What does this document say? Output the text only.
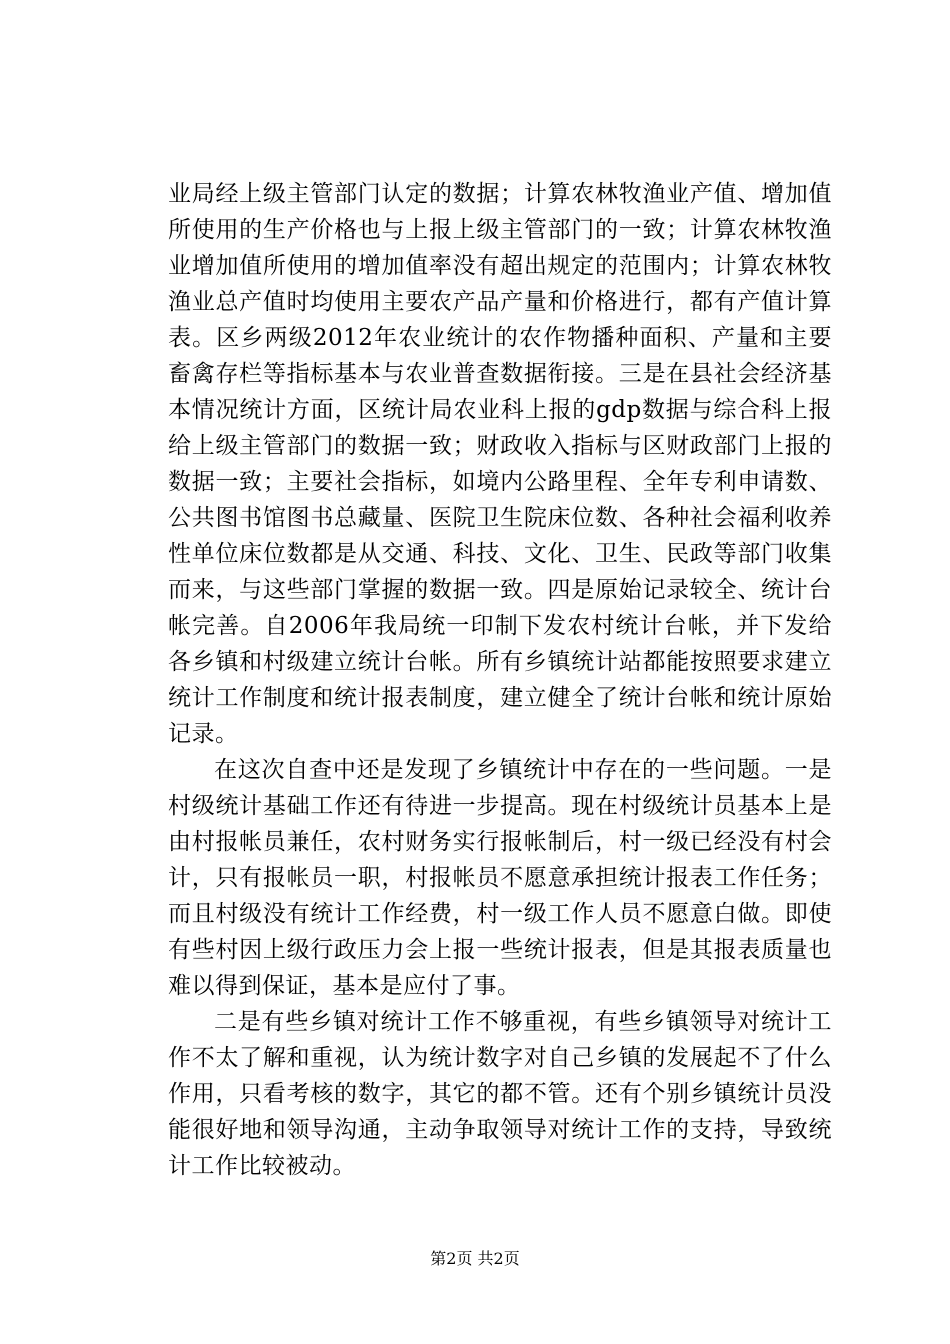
业局经上级主管部门认定的数据；计算农林牧渔业产值、增加值所使用的生产价格也与上报上级主管部门的一致；计算农林牧渔业增加值所使用的增加值率没有超出规定的范围内；计算农林牧渔业总产值时均使用主要农产品产量和价格进行，都有产值计算表。区乡两级2012年农业统计的农作物播种面积、产量和主要畜禽存栏等指标基本与农业普查数据衔接。三是在县社会经济基本情况统计方面，区统计局农业科上报的gdp数据与综合科上报给上级主管部门的数据一致；财政收入指标与区财政部门上报的数据一致；主要社会指标，如境内公路里程、全年专利申请数、公共图书馆图书总藏量、医院卫生院床位数、各种社会福利收养性单位床位数都是从交通、科技、文化、卫生、民政等部门收集而来，与这些部门掌握的数据一致。四是原始记录较全、统计台帐完善。自2006年我局统一印制下发农村统计台帐，并下发给各乡镇和村级建立统计台帐。所有乡镇统计站都能按照要求建立统计工作制度和统计报表制度，建立健全了统计台帐和统计原始记录。

在这次自查中还是发现了乡镇统计中存在的一些问题。一是村级统计基础工作还有待进一步提高。现在村级统计员基本上是由村报帐员兼任，农村财务实行报帐制后，村一级已经没有村会计，只有报帐员一职，村报帐员不愿意承担统计报表工作任务；而且村级没有统计工作经费，村一级工作人员不愿意白做。即使有些村因上级行政压力会上报一些统计报表，但是其报表质量也难以得到保证，基本是应付了事。

二是有些乡镇对统计工作不够重视，有些乡镇领导对统计工作不太了解和重视，认为统计数字对自己乡镇的发展起不了什么作用，只看考核的数字，其它的都不管。还有个别乡镇统计员没能很好地和领导沟通，主动争取领导对统计工作的支持，导致统计工作比较被动。

第2页 共2页
